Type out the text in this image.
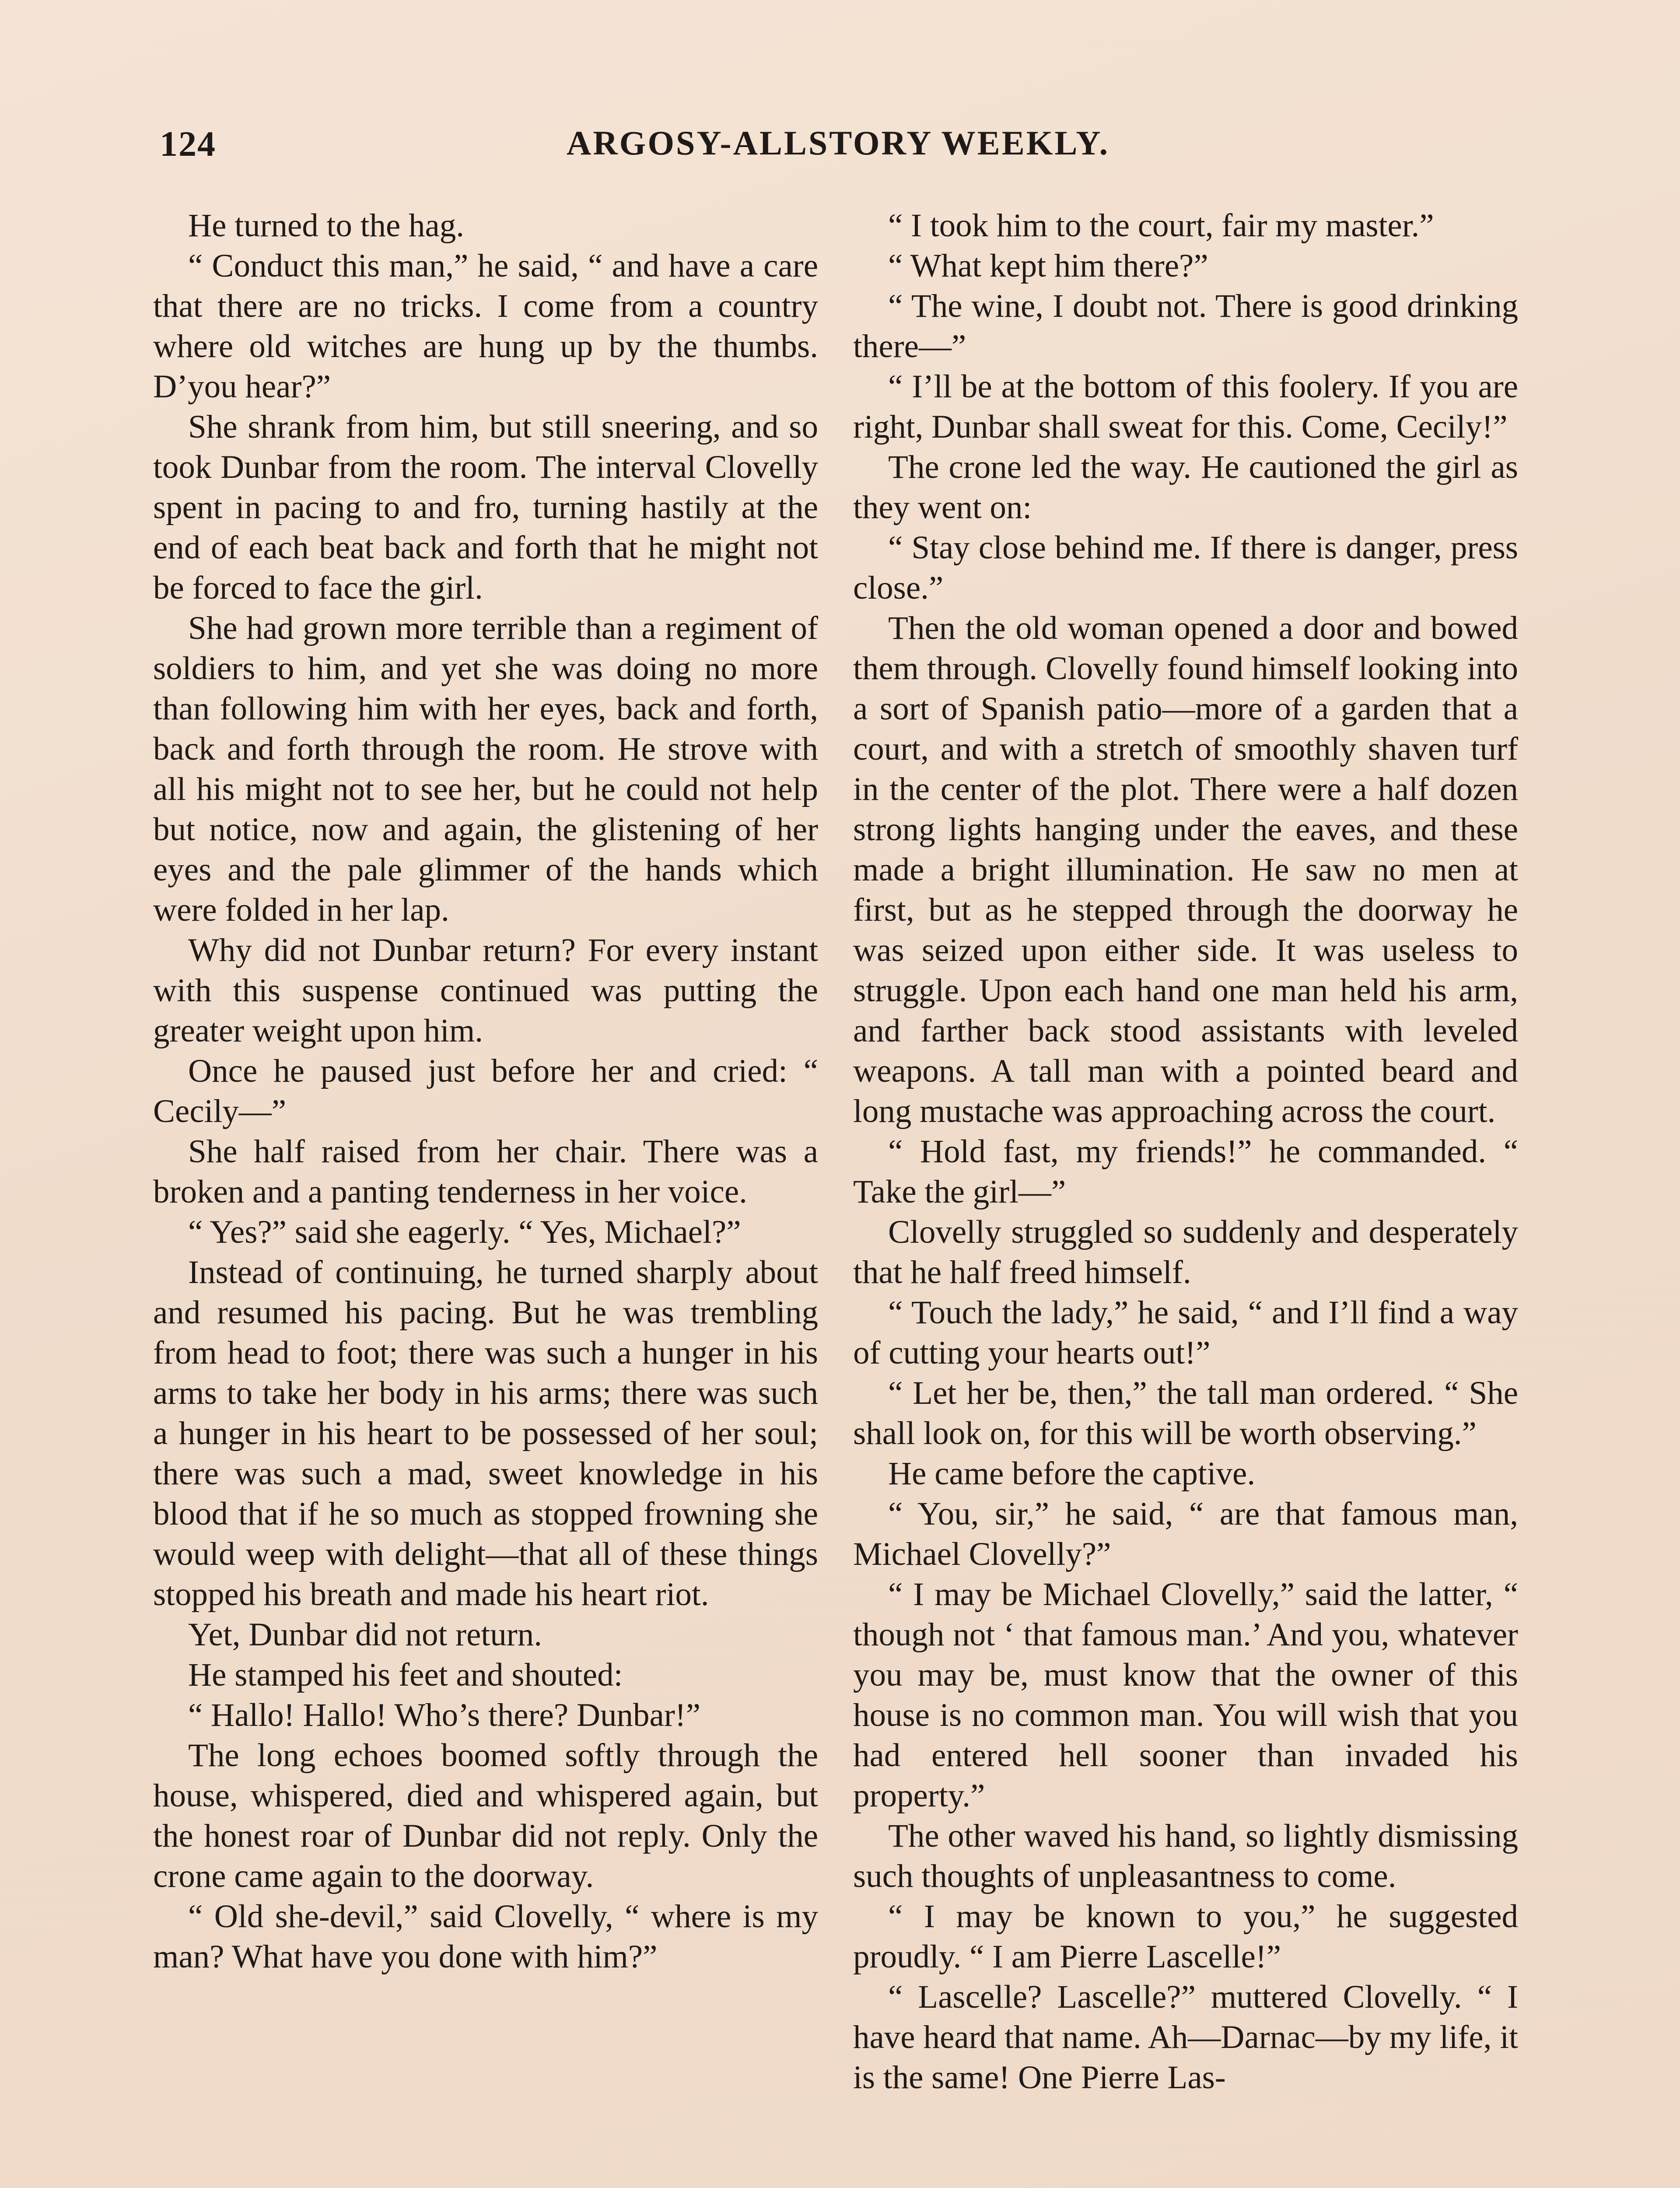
124	ARGOSY-ALLSTORY WEEKLY.

He turned to the hag.

“ Conduct this man,” he said, “ and have a care that there are no tricks. I come from a country where old witches are hung up by the thumbs. D’you hear?”

She shrank from him, but still sneering, and so took Dunbar from the room. The interval Clovelly spent in pacing to and fro, turning hastily at the end of each beat back and forth that he might not be forced to face the girl.

She had grown more terrible than a regiment of soldiers to him, and yet she was doing no more than following him with her eyes, back and forth, back and forth through the room. He strove with all his might not to see her, but he could not help but notice, now and again, the glistening of her eyes and the pale glimmer of the hands which were folded in her lap.

Why did not Dunbar return? For every instant with this suspense continued was putting the greater weight upon him.

Once he paused just before her and cried: “ Cecily—”

She half raised from her chair. There was a broken and a panting tenderness in her voice.

“ Yes?” said she eagerly. “ Yes, Michael?”

Instead of continuing, he turned sharply about and resumed his pacing. But he was trembling from head to foot; there was such a hunger in his arms to take her body in his arms; there was such a hunger in his heart to be possessed of her soul; there was such a mad, sweet knowledge in his blood that if he so much as stopped frowning she would weep with delight—that all of these things stopped his breath and made his heart riot.

Yet, Dunbar did not return.

He stamped his feet and shouted:

“ Hallo! Hallo! Who’s there? Dunbar!”

The long echoes boomed softly through the house, whispered, died and whispered again, but the honest roar of Dunbar did not reply. Only the crone came again to the doorway.

“ Old she-devil,” said Clovelly, “ where is my man? What have you done with him?”

“ I took him to the court, fair my master.”

“ What kept him there?”

“ The wine, I doubt not. There is good drinking there—”

“ I’ll be at the bottom of this foolery. If you are right, Dunbar shall sweat for this. Come, Cecily!”

The crone led the way. He cautioned the girl as they went on:

“ Stay close behind me. If there is danger, press close.”

Then the old woman opened a door and bowed them through. Clovelly found himself looking into a sort of Spanish patio—more of a garden that a court, and with a stretch of smoothly shaven turf in the center of the plot. There were a half dozen strong lights hanging under the eaves, and these made a bright illumination. He saw no men at first, but as he stepped through the doorway he was seized upon either side. It was useless to struggle. Upon each hand one man held his arm, and farther back stood assistants with leveled weapons. A tall man with a pointed beard and long mustache was approaching across the court.

“ Hold fast, my friends!” he commanded. “ Take the girl—”

Clovelly struggled so suddenly and desperately that he half freed himself.

“ Touch the lady,” he said, “ and I’ll find a way of cutting your hearts out!”

“ Let her be, then,” the tall man ordered. “ She shall look on, for this will be worth observing.”

He came before the captive.

“ You, sir,” he said, “ are that famous man, Michael Clovelly?”

“ I may be Michael Clovelly,” said the latter, “ though not ‘ that famous man.’ And you, whatever you may be, must know that the owner of this house is no common man. You will wish that you had entered hell sooner than invaded his property.”

The other waved his hand, so lightly dismissing such thoughts of unpleasantness to come.

“ I may be known to you,” he suggested proudly. “ I am Pierre Lascelle!”

“ Lascelle? Lascelle?” muttered Clovelly. “ I have heard that name. Ah—Darnac—by my life, it is the same! One Pierre Las-
